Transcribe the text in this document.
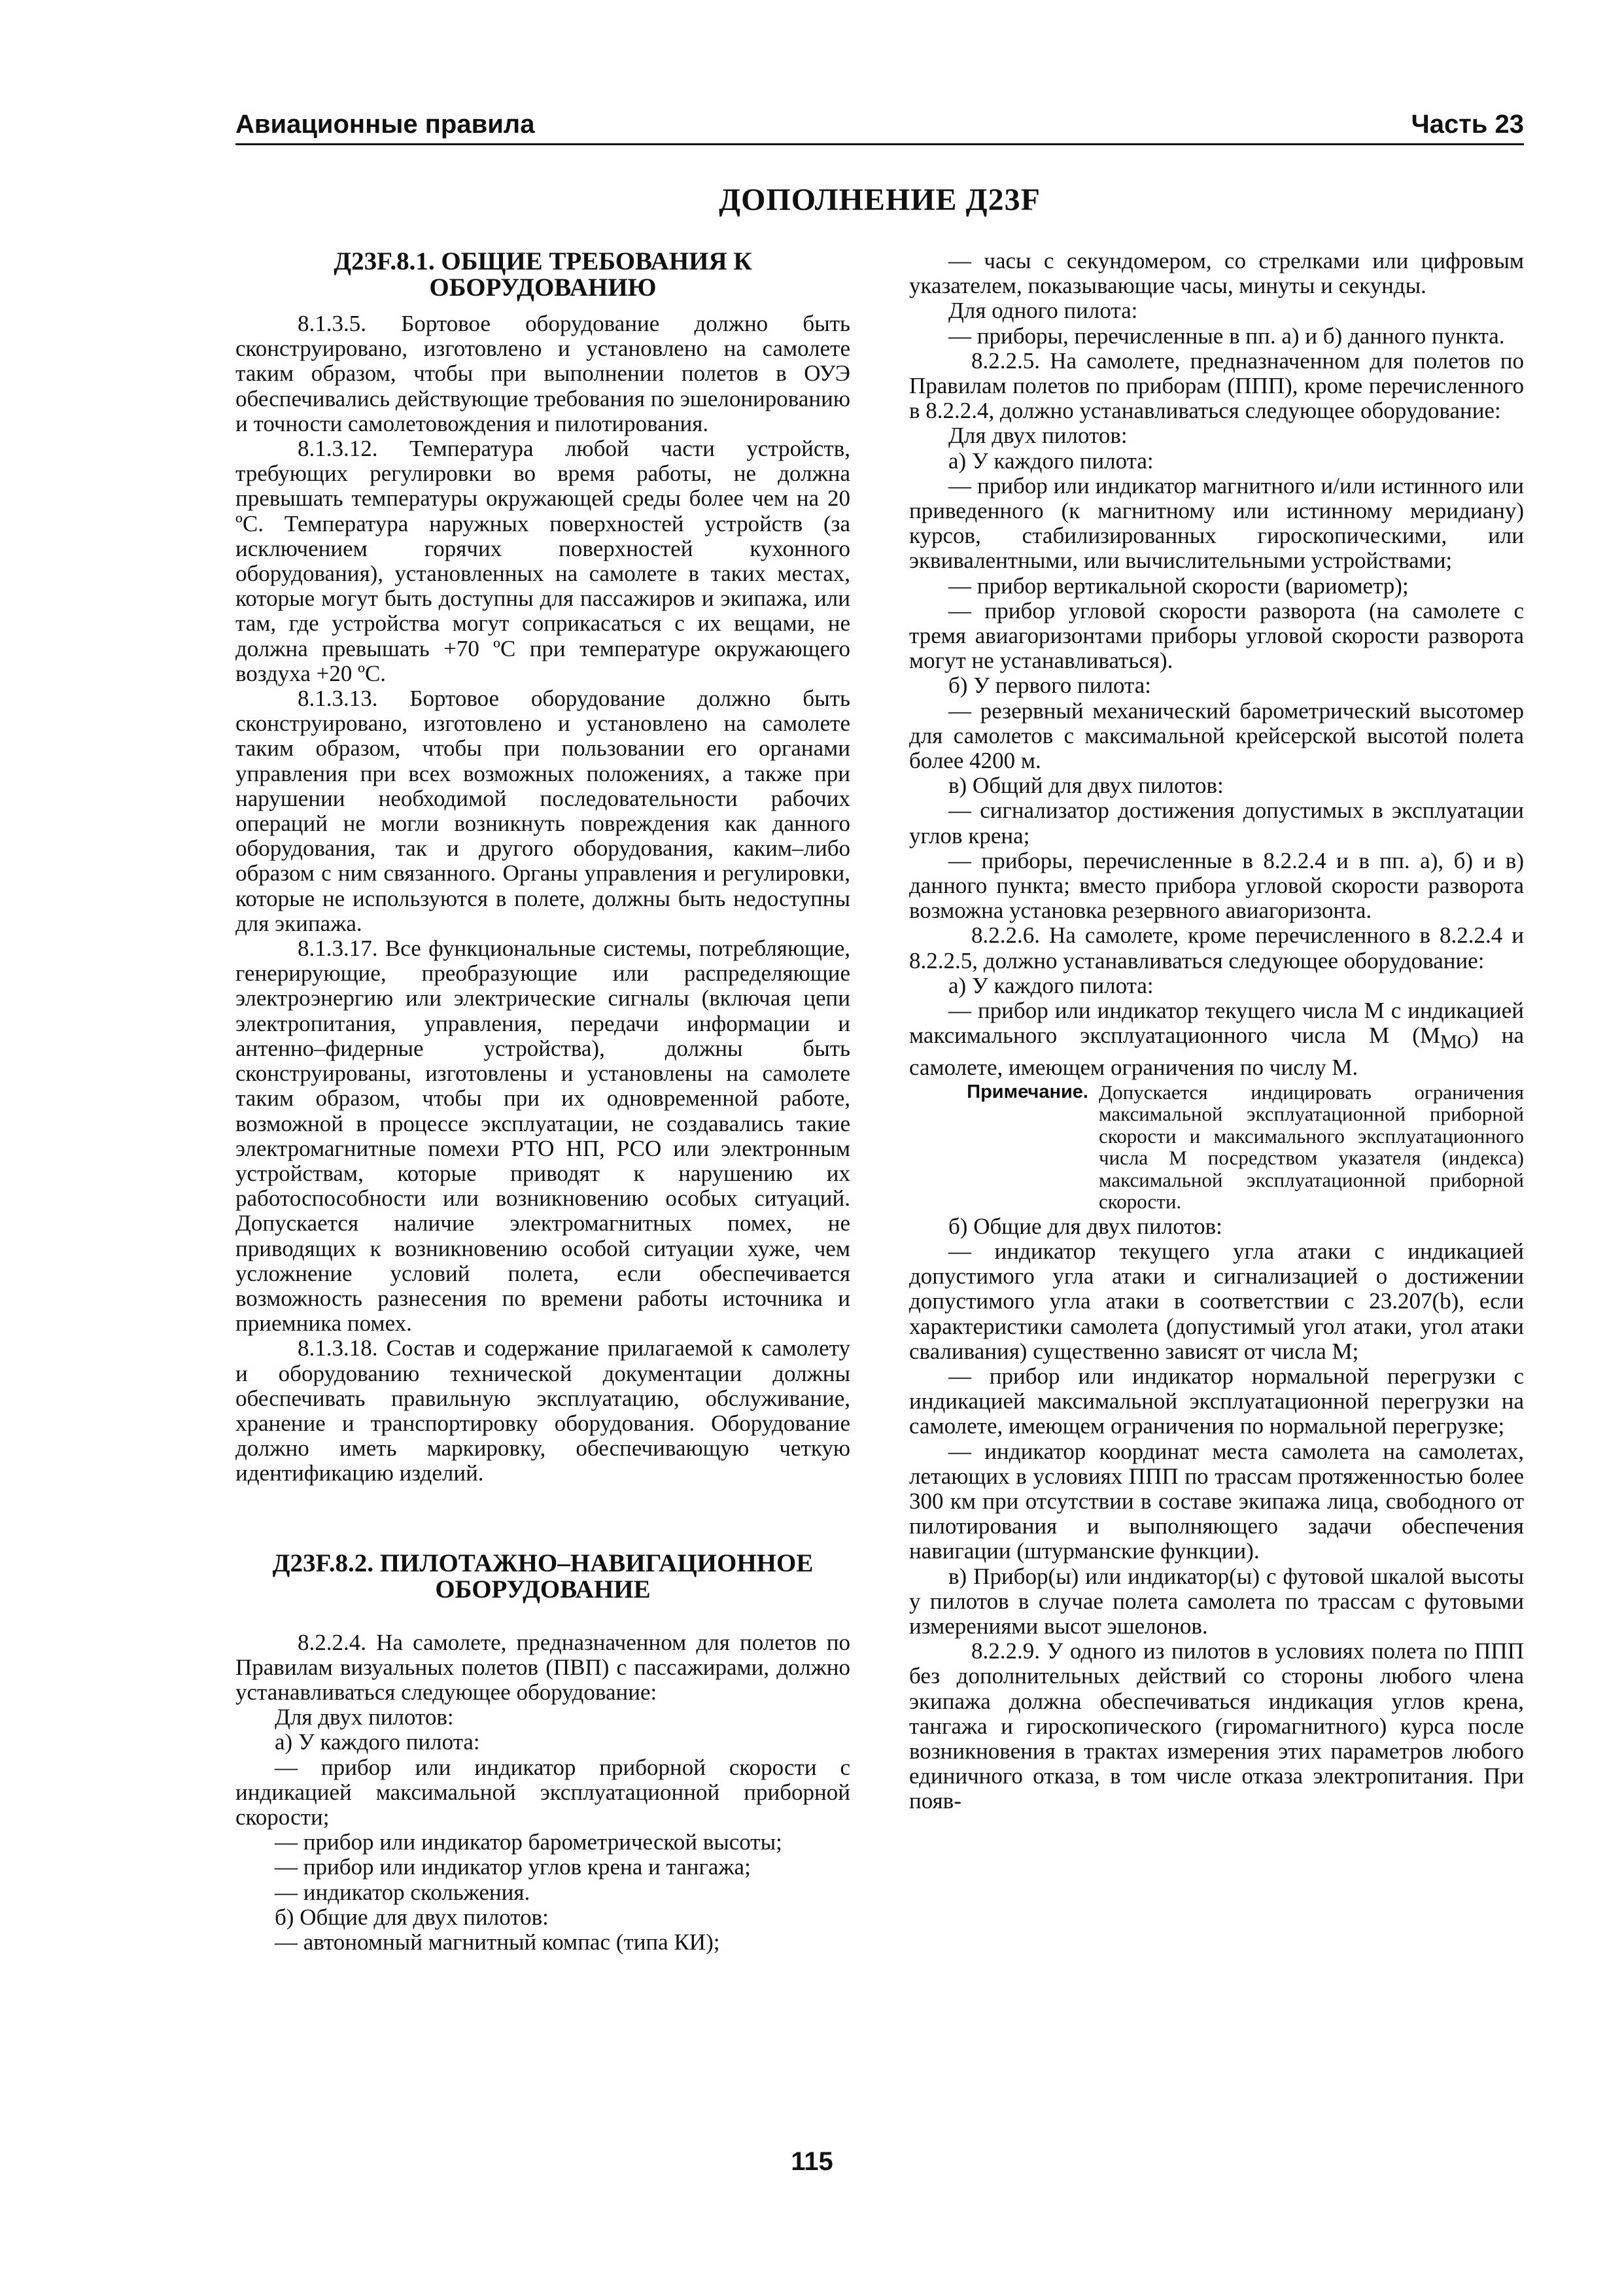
Авиационные правила	Часть 23
ДОПОЛНЕНИЕ Д23F
Д23F.8.1. ОБЩИЕ ТРЕБОВАНИЯ К ОБОРУДОВАНИЮ

8.1.3.5. Бортовое оборудование должно быть сконструировано, изготовлено и установлено на самолете таким образом, чтобы при выполнении полетов в ОУЭ обеспечивались действующие требования по эшелонированию и точности самолетовождения и пилотирования.

8.1.3.12. Температура любой части устройств, требующих регулировки во время работы, не должна превышать температуры окружающей среды более чем на 20 ºС. Температура наружных поверхностей устройств (за исключением горячих поверхностей кухонного оборудования), установленных на самолете в таких местах, которые могут быть доступны для пассажиров и экипажа, или там, где устройства могут соприкасаться с их вещами, не должна превышать +70 ºС при температуре окружающего воздуха +20 ºС.

8.1.3.13. Бортовое оборудование должно быть сконструировано, изготовлено и установлено на самолете таким образом, чтобы при пользовании его органами управления при всех возможных положениях, а также при нарушении необходимой последовательности рабочих операций не могли возникнуть повреждения как данного оборудования, так и другого оборудования, каким–либо образом с ним связанного. Органы управления и регулировки, которые не используются в полете, должны быть недоступны для экипажа.

8.1.3.17. Все функциональные системы, потребляющие, генерирующие, преобразующие или распределяющие электроэнергию или электрические сигналы (включая цепи электропитания, управления, передачи информации и антенно–фидерные устройства), должны быть сконструированы, изготовлены и установлены на самолете таким образом, чтобы при их одновременной работе, возможной в процессе эксплуатации, не создавались такие электромагнитные помехи РТО НП, РСО или электронным устройствам, которые приводят к нарушению их работоспособности или возникновению особых ситуаций. Допускается наличие электромагнитных помех, не приводящих к возникновению особой ситуации хуже, чем усложнение условий полета, если обеспечивается возможность разнесения по времени работы источника и приемника помех.

8.1.3.18. Состав и содержание прилагаемой к самолету и оборудованию технической документации должны обеспечивать правильную эксплуатацию, обслуживание, хранение и транспортировку оборудования. Оборудование должно иметь маркировку, обеспечивающую четкую идентификацию изделий.

Д23F.8.2. ПИЛОТАЖНО–НАВИГАЦИОННОЕ ОБОРУДОВАНИЕ

8.2.2.4. На самолете, предназначенном для полетов по Правилам визуальных полетов (ПВП) с пассажирами, должно устанавливаться следующее оборудование:

Для двух пилотов:

а) У каждого пилота:

— прибор или индикатор приборной скорости с индикацией максимальной эксплуатационной приборной скорости;

— прибор или индикатор барометрической высоты;

— прибор или индикатор углов крена и тангажа;

— индикатор скольжения.

б) Общие для двух пилотов:

— автономный магнитный компас (типа КИ);

— часы с секундомером, со стрелками или цифровым указателем, показывающие часы, минуты и секунды.

Для одного пилота:

— приборы, перечисленные в пп. а) и б) данного пункта.

8.2.2.5. На самолете, предназначенном для полетов по Правилам полетов по приборам (ППП), кроме перечисленного в 8.2.2.4, должно устанавливаться следующее оборудование:

Для двух пилотов:

а) У каждого пилота:

— прибор или индикатор магнитного и/или истинного или приведенного (к магнитному или истинному меридиану) курсов, стабилизированных гироскопическими, или эквивалентными, или вычислительными устройствами;

— прибор вертикальной скорости (вариометр);

— прибор угловой скорости разворота (на самолете с тремя авиагоризонтами приборы угловой скорости разворота могут не устанавливаться).

б) У первого пилота:

— резервный механический барометрический высотомер для самолетов с максимальной крейсерской высотой полета более 4200 м.

в) Общий для двух пилотов:

— сигнализатор достижения допустимых в эксплуатации углов крена;

— приборы, перечисленные в 8.2.2.4 и в пп. а), б) и в) данного пункта; вместо прибора угловой скорости разворота возможна установка резервного авиагоризонта.

8.2.2.6. На самолете, кроме перечисленного в 8.2.2.4 и 8.2.2.5, должно устанавливаться следующее оборудование:

а) У каждого пилота:

— прибор или индикатор текущего числа М с индикацией максимального эксплуатационного числа М $(М_{МО})$ на самолете, имеющем ограничения по числу М.

Примечание. Допускается индицировать ограничения максимальной эксплуатационной приборной скорости и максимального эксплуатационного числа М посредством указателя (индекса) максимальной эксплуатационной приборной скорости.

б) Общие для двух пилотов:

— индикатор текущего угла атаки с индикацией допустимого угла атаки и сигнализацией о достижении допустимого угла атаки в соответствии с 23.207(b), если характеристики самолета (допустимый угол атаки, угол атаки сваливания) существенно зависят от числа М;

— прибор или индикатор нормальной перегрузки с индикацией максимальной эксплуатационной перегрузки на самолете, имеющем ограничения по нормальной перегрузке;

— индикатор координат места самолета на самолетах, летающих в условиях ППП по трассам протяженностью более 300 км при отсутствии в составе экипажа лица, свободного от пилотирования и выполняющего задачи обеспечения навигации (штурманские функции).

в) Прибор(ы) или индикатор(ы) с футовой шкалой высоты у пилотов в случае полета самолета по трассам с футовыми измерениями высот эшелонов.

8.2.2.9. У одного из пилотов в условиях полета по ППП без дополнительных действий со стороны любого члена экипажа должна обеспечиваться индикация углов крена, тангажа и гироскопического (гиромагнитного) курса после возникновения в трактах измерения этих параметров любого единичного отказа, в том числе отказа электропитания. При появ-

115
